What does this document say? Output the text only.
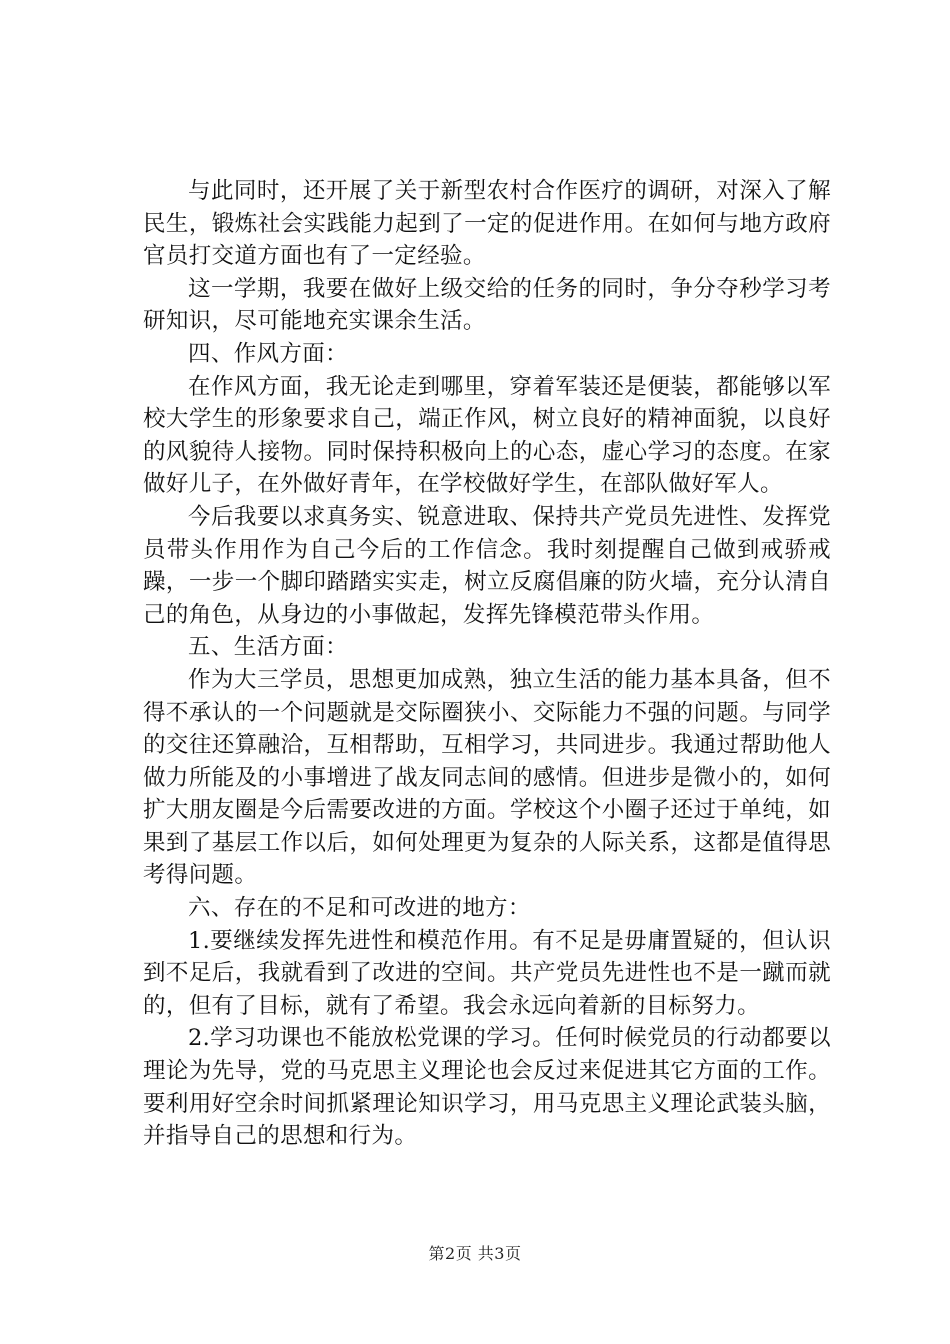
与此同时，还开展了关于新型农村合作医疗的调研，对深入了解民生，锻炼社会实践能力起到了一定的促进作用。在如何与地方政府官员打交道方面也有了一定经验。

这一学期，我要在做好上级交给的任务的同时，争分夺秒学习考研知识，尽可能地充实课余生活。

四、作风方面：

在作风方面，我无论走到哪里，穿着军装还是便装，都能够以军校大学生的形象要求自己，端正作风，树立良好的精神面貌，以良好的风貌待人接物。同时保持积极向上的心态，虚心学习的态度。在家做好儿子，在外做好青年，在学校做好学生，在部队做好军人。

今后我要以求真务实、锐意进取、保持共产党员先进性、发挥党员带头作用作为自己今后的工作信念。我时刻提醒自己做到戒骄戒躁，一步一个脚印踏踏实实走，树立反腐倡廉的防火墙，充分认清自己的角色，从身边的小事做起，发挥先锋模范带头作用。

五、生活方面：

作为大三学员，思想更加成熟，独立生活的能力基本具备，但不得不承认的一个问题就是交际圈狭小、交际能力不强的问题。与同学的交往还算融洽，互相帮助，互相学习，共同进步。我通过帮助他人做力所能及的小事增进了战友同志间的感情。但进步是微小的，如何扩大朋友圈是今后需要改进的方面。学校这个小圈子还过于单纯，如果到了基层工作以后，如何处理更为复杂的人际关系，这都是值得思考得问题。

六、存在的不足和可改进的地方：

1.要继续发挥先进性和模范作用。有不足是毋庸置疑的，但认识到不足后，我就看到了改进的空间。共产党员先进性也不是一蹴而就的，但有了目标，就有了希望。我会永远向着新的目标努力。

2.学习功课也不能放松党课的学习。任何时候党员的行动都要以理论为先导，党的马克思主义理论也会反过来促进其它方面的工作。要利用好空余时间抓紧理论知识学习，用马克思主义理论武装头脑，并指导自己的思想和行为。

第2页 共3页
